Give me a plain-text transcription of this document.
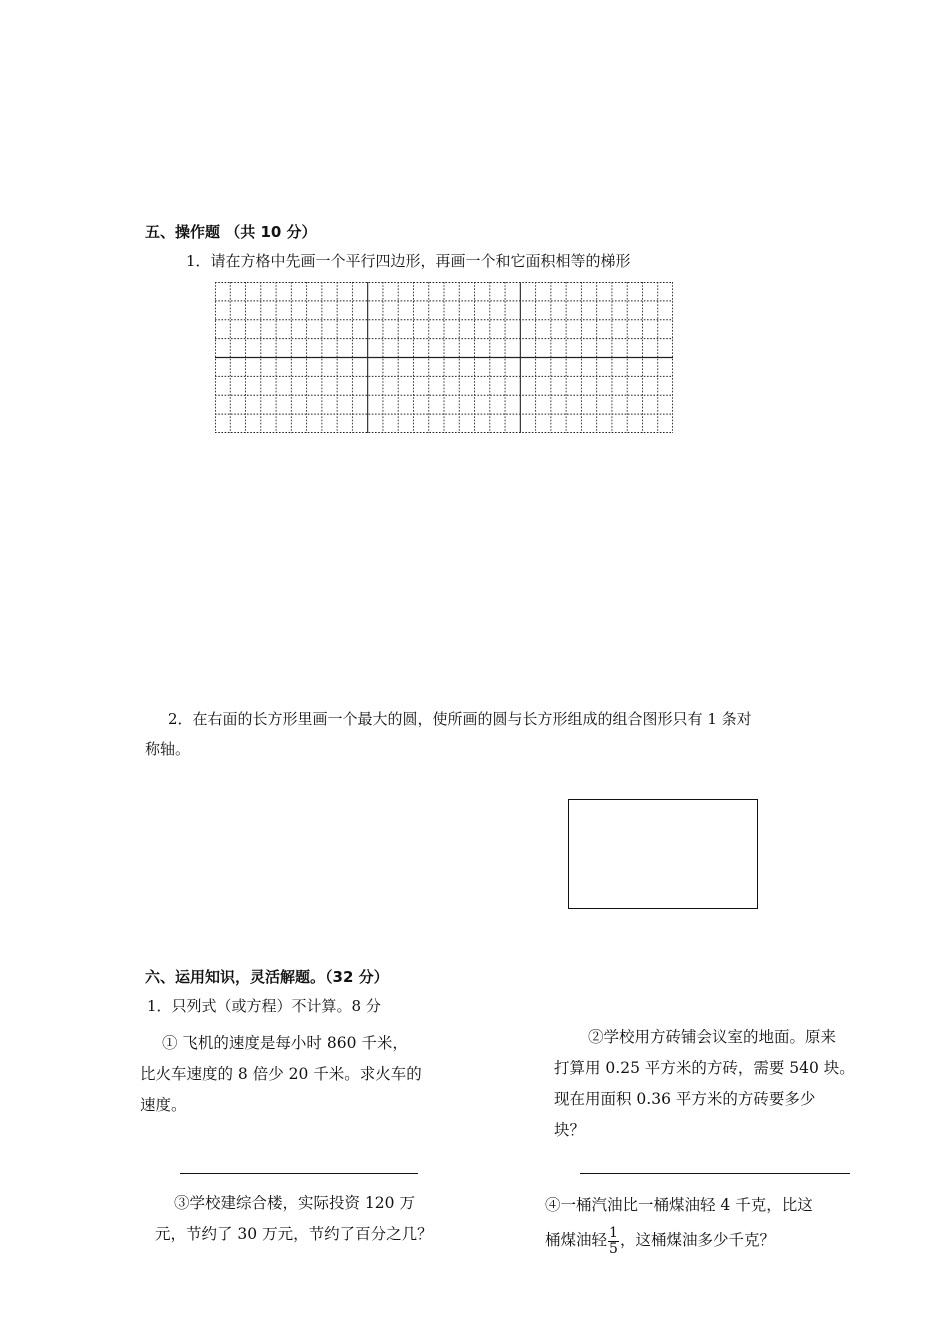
五、操作题 （共 10 分）
1．请在方格中先画一个平行四边形，再画一个和它面积相等的梯形
2．在右面的长方形里画一个最大的圆，使所画的圆与长方形组成的组合图形只有 1 条对
称轴。
六、运用知识，灵活解题。（32 分）
1．只列式（或方程）不计算。8 分
① 飞机的速度是每小时 860 千米，
比火车速度的 8 倍少 20 千米。求火车的
速度。
②学校用方砖铺会议室的地面。原来
打算用 0.25 平方米的方砖，需要 540 块。
现在用面积 0.36 平方米的方砖要多少
块？
③学校建综合楼，实际投资 120 万
元，节约了 30 万元，节约了百分之几？
④一桶汽油比一桶煤油轻 4 千克，比这
桶煤油轻 $\frac{1}{5}$ ，这桶煤油多少千克？
